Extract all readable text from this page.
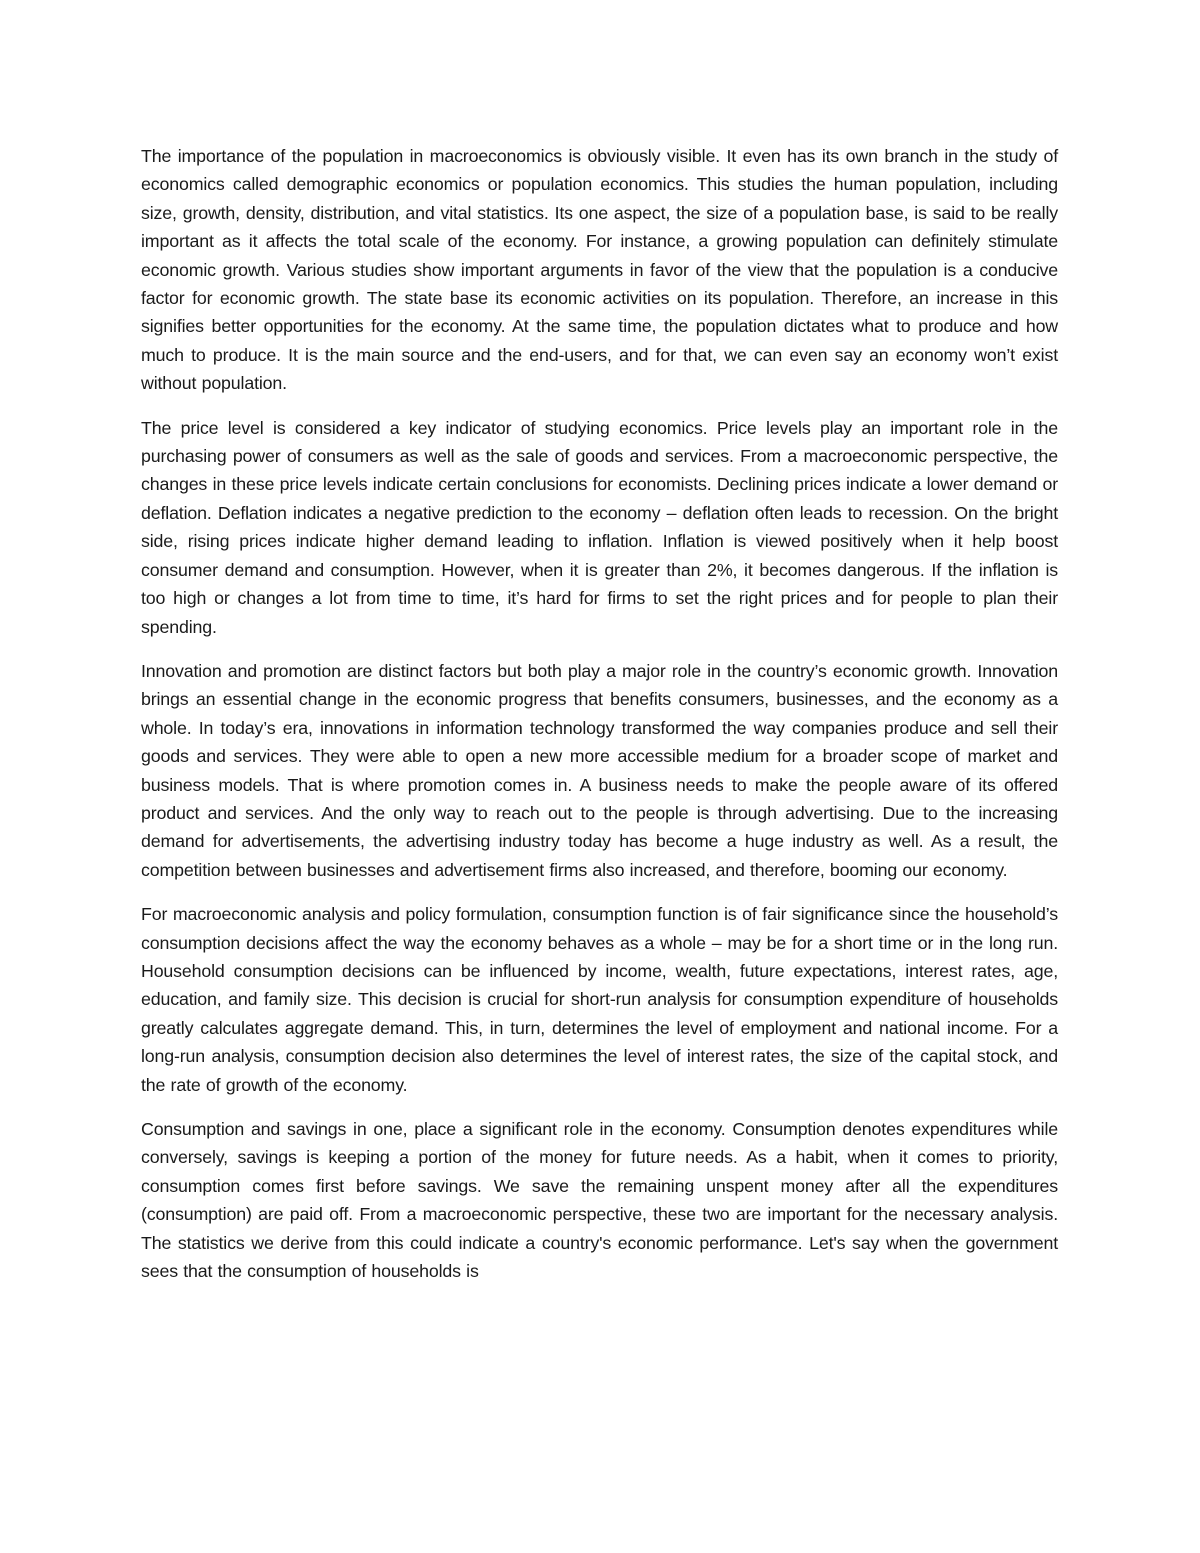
The importance of the population in macroeconomics is obviously visible. It even has its own branch in the study of economics called demographic economics or population economics. This studies the human population, including size, growth, density, distribution, and vital statistics. Its one aspect, the size of a population base, is said to be really important as it affects the total scale of the economy. For instance, a growing population can definitely stimulate economic growth. Various studies show important arguments in favor of the view that the population is a conducive factor for economic growth. The state base its economic activities on its population. Therefore, an increase in this signifies better opportunities for the economy. At the same time, the population dictates what to produce and how much to produce. It is the main source and the end-users, and for that, we can even say an economy won’t exist without population.

The price level is considered a key indicator of studying economics. Price levels play an important role in the purchasing power of consumers as well as the sale of goods and services. From a macroeconomic perspective, the changes in these price levels indicate certain conclusions for economists. Declining prices indicate a lower demand or deflation. Deflation indicates a negative prediction to the economy – deflation often leads to recession. On the bright side, rising prices indicate higher demand leading to inflation. Inflation is viewed positively when it help boost consumer demand and consumption. However, when it is greater than 2%, it becomes dangerous. If the inflation is too high or changes a lot from time to time, it’s hard for firms to set the right prices and for people to plan their spending.

Innovation and promotion are distinct factors but both play a major role in the country’s economic growth. Innovation brings an essential change in the economic progress that benefits consumers, businesses, and the economy as a whole. In today’s era, innovations in information technology transformed the way companies produce and sell their goods and services. They were able to open a new more accessible medium for a broader scope of market and business models. That is where promotion comes in. A business needs to make the people aware of its offered product and services. And the only way to reach out to the people is through advertising. Due to the increasing demand for advertisements, the advertising industry today has become a huge industry as well. As a result, the competition between businesses and advertisement firms also increased, and therefore, booming our economy.

For macroeconomic analysis and policy formulation, consumption function is of fair significance since the household’s consumption decisions affect the way the economy behaves as a whole – may be for a short time or in the long run. Household consumption decisions can be influenced by income, wealth, future expectations, interest rates, age, education, and family size. This decision is crucial for short-run analysis for consumption expenditure of households greatly calculates aggregate demand. This, in turn, determines the level of employment and national income. For a long-run analysis, consumption decision also determines the level of interest rates, the size of the capital stock, and the rate of growth of the economy.

Consumption and savings in one, place a significant role in the economy. Consumption denotes expenditures while conversely, savings is keeping a portion of the money for future needs. As a habit, when it comes to priority, consumption comes first before savings. We save the remaining unspent money after all the expenditures (consumption) are paid off. From a macroeconomic perspective, these two are important for the necessary analysis. The statistics we derive from this could indicate a country's economic performance. Let's say when the government sees that the consumption of households is
